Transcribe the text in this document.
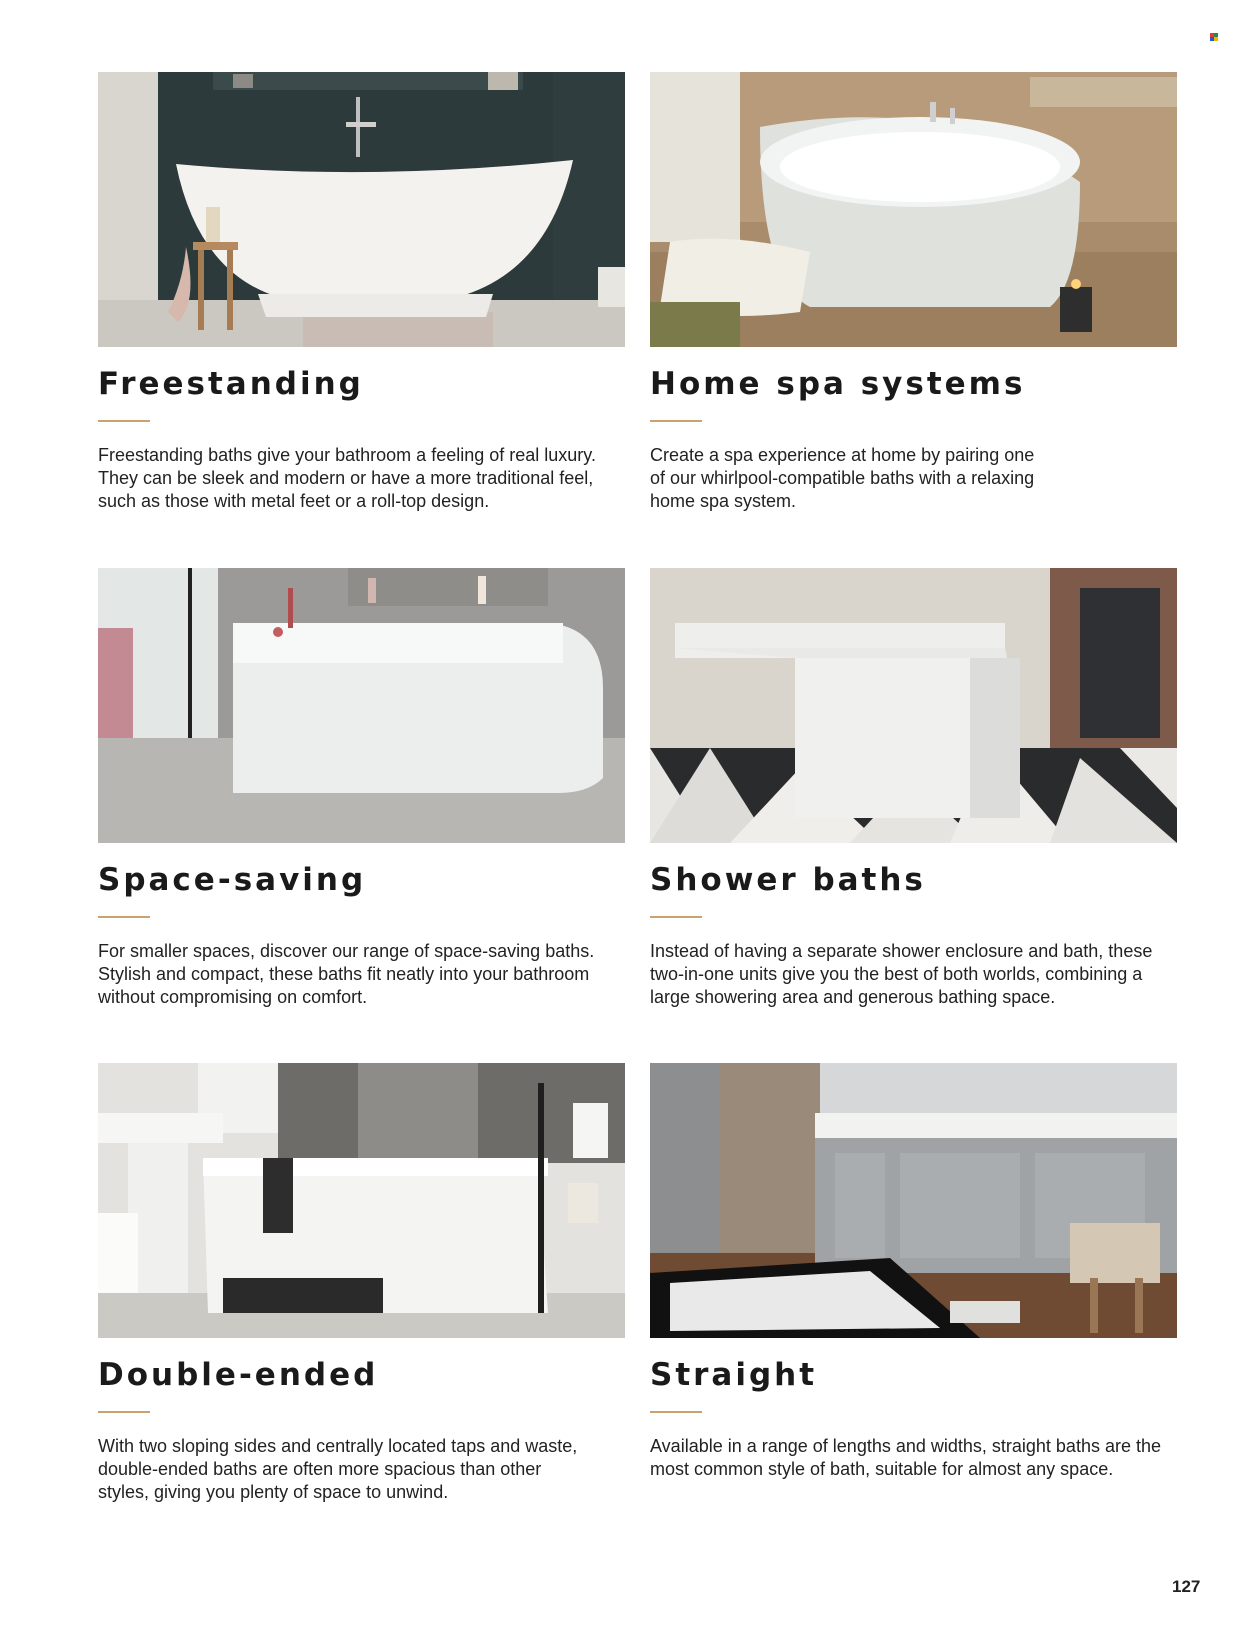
Freestanding
Freestanding baths give your bathroom a feeling of real luxury.
They can be sleek and modern or have a more traditional feel,
such as those with metal feet or a roll-top design.
Home spa systems
Create a spa experience at home by pairing one
of our whirlpool-compatible baths with a relaxing
home spa system.
Space-saving
For smaller spaces, discover our range of space-saving baths.
Stylish and compact, these baths fit neatly into your bathroom
without compromising on comfort.
Shower baths
Instead of having a separate shower enclosure and bath, these
two-in-one units give you the best of both worlds, combining a
large showering area and generous bathing space.
Double-ended
With two sloping sides and centrally located taps and waste,
double-ended baths are often more spacious than other
styles, giving you plenty of space to unwind.
Straight
Available in a range of lengths and widths, straight baths are the
most common style of bath, suitable for almost any space.
127
